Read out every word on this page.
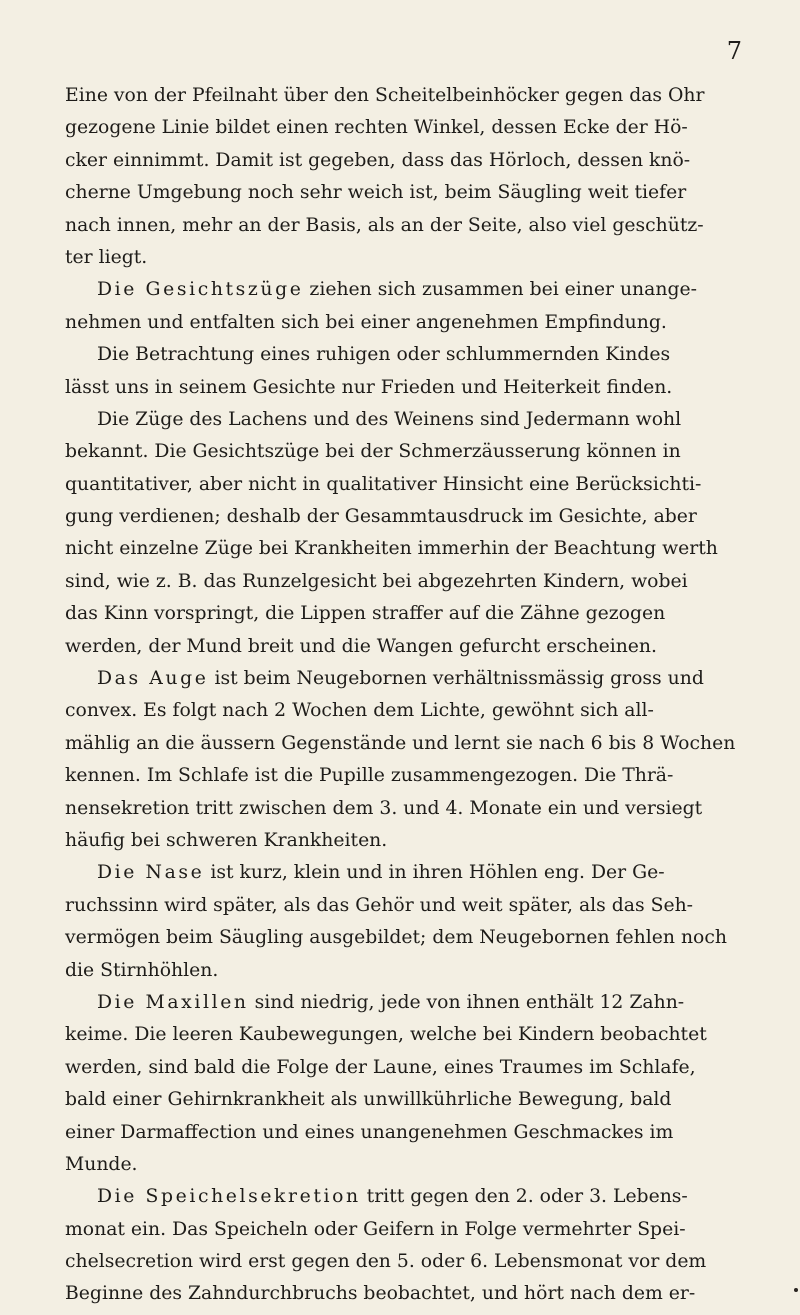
7
Eine von der Pfeilnaht über den Scheitelbeinhöcker gegen das Ohr
gezogene Linie bildet einen rechten Winkel, dessen Ecke der Hö-
cker einnimmt. Damit ist gegeben, dass das Hörloch, dessen knö-
cherne Umgebung noch sehr weich ist, beim Säugling weit tiefer
nach innen, mehr an der Basis, als an der Seite, also viel geschütz-
ter liegt.
Die Gesichtszüge ziehen sich zusammen bei einer unange-
nehmen und entfalten sich bei einer angenehmen Empfindung.
Die Betrachtung eines ruhigen oder schlummernden Kindes
lässt uns in seinem Gesichte nur Frieden und Heiterkeit finden.
Die Züge des Lachens und des Weinens sind Jedermann wohl
bekannt. Die Gesichtszüge bei der Schmerzäusserung können in
quantitativer, aber nicht in qualitativer Hinsicht eine Berücksichti-
gung verdienen; deshalb der Gesammtausdruck im Gesichte, aber
nicht einzelne Züge bei Krankheiten immerhin der Beachtung werth
sind, wie z. B. das Runzelgesicht bei abgezehrten Kindern, wobei
das Kinn vorspringt, die Lippen straffer auf die Zähne gezogen
werden, der Mund breit und die Wangen gefurcht erscheinen.
Das Auge ist beim Neugebornen verhältnissmässig gross und
convex. Es folgt nach 2 Wochen dem Lichte, gewöhnt sich all-
mählig an die äussern Gegenstände und lernt sie nach 6 bis 8 Wochen
kennen. Im Schlafe ist die Pupille zusammengezogen. Die Thrä-
nensekretion tritt zwischen dem 3. und 4. Monate ein und versiegt
häufig bei schweren Krankheiten.
Die Nase ist kurz, klein und in ihren Höhlen eng. Der Ge-
ruchssinn wird später, als das Gehör und weit später, als das Seh-
vermögen beim Säugling ausgebildet; dem Neugebornen fehlen noch
die Stirnhöhlen.
Die Maxillen sind niedrig, jede von ihnen enthält 12 Zahn-
keime. Die leeren Kaubewegungen, welche bei Kindern beobachtet
werden, sind bald die Folge der Laune, eines Traumes im Schlafe,
bald einer Gehirnkrankheit als unwillkührliche Bewegung, bald
einer Darmaffection und eines unangenehmen Geschmackes im
Munde.
Die Speichelsekretion tritt gegen den 2. oder 3. Lebens-
monat ein. Das Speicheln oder Geifern in Folge vermehrter Spei-
chelsecretion wird erst gegen den 5. oder 6. Lebensmonat vor dem
Beginne des Zahndurchbruchs beobachtet, und hört nach dem er-
